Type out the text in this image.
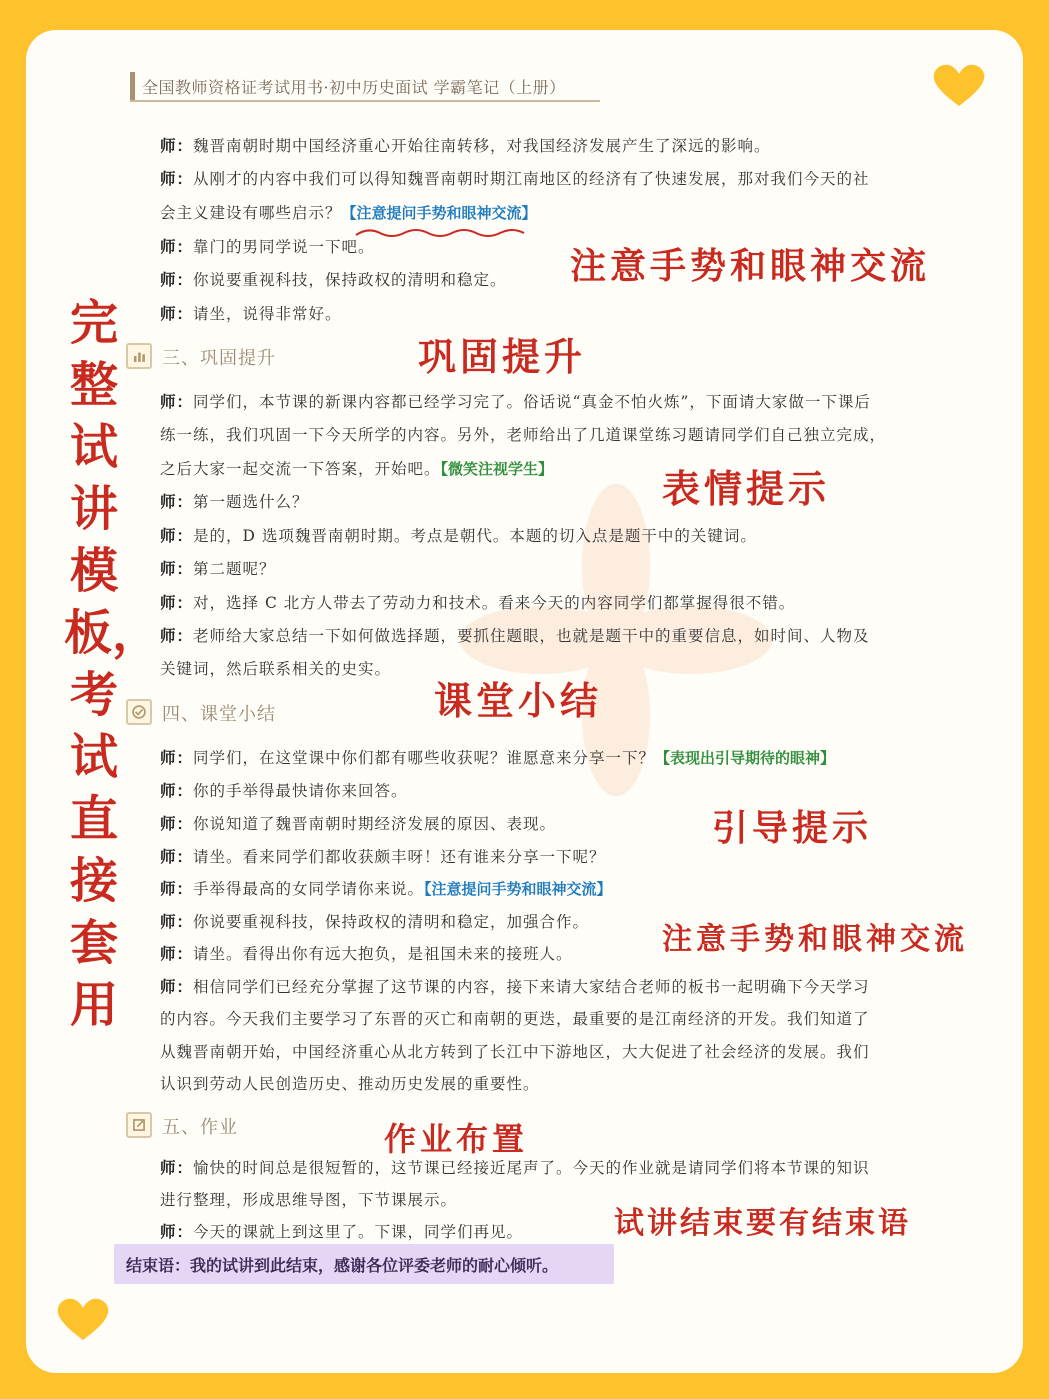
全国教师资格证考试用书·初中历史面试 学霸笔记（上册）
完整试讲模板，考试直接套用
师：魏晋南朝时期中国经济重心开始往南转移，对我国经济发展产生了深远的影响。
师：从刚才的内容中我们可以得知魏晋南朝时期江南地区的经济有了快速发展，那对我们今天的社
会主义建设有哪些启示？【注意提问手势和眼神交流】
师：靠门的男同学说一下吧。
师：你说要重视科技，保持政权的清明和稳定。
师：请坐，说得非常好。
三、巩固提升
师：同学们，本节课的新课内容都已经学习完了。俗话说“真金不怕火炼”，下面请大家做一下课后
练一练，我们巩固一下今天所学的内容。另外，老师给出了几道课堂练习题请同学们自己独立完成，
之后大家一起交流一下答案，开始吧。【微笑注视学生】
师：第一题选什么？
师：是的，D 选项魏晋南朝时期。考点是朝代。本题的切入点是题干中的关键词。
师：第二题呢？
师：对，选择 C 北方人带去了劳动力和技术。看来今天的内容同学们都掌握得很不错。
师：老师给大家总结一下如何做选择题，要抓住题眼，也就是题干中的重要信息，如时间、人物及
关键词，然后联系相关的史实。
四、课堂小结
师：同学们，在这堂课中你们都有哪些收获呢？谁愿意来分享一下？【表现出引导期待的眼神】
师：你的手举得最快请你来回答。
师：你说知道了魏晋南朝时期经济发展的原因、表现。
师：请坐。看来同学们都收获颇丰呀！还有谁来分享一下呢？
师：手举得最高的女同学请你来说。【注意提问手势和眼神交流】
师：你说要重视科技，保持政权的清明和稳定，加强合作。
师：请坐。看得出你有远大抱负，是祖国未来的接班人。
师：相信同学们已经充分掌握了这节课的内容，接下来请大家结合老师的板书一起明确下今天学习
的内容。今天我们主要学习了东晋的灭亡和南朝的更迭，最重要的是江南经济的开发。我们知道了
从魏晋南朝开始，中国经济重心从北方转到了长江中下游地区，大大促进了社会经济的发展。我们
认识到劳动人民创造历史、推动历史发展的重要性。
五、作业
师：愉快的时间总是很短暂的，这节课已经接近尾声了。今天的作业就是请同学们将本节课的知识
进行整理，形成思维导图，下节课展示。
师：今天的课就上到这里了。下课，同学们再见。
结束语：我的试讲到此结束，感谢各位评委老师的耐心倾听。
注意手势和眼神交流
巩固提升
表情提示
课堂小结
引导提示
注意手势和眼神交流
作业布置
试讲结束要有结束语
